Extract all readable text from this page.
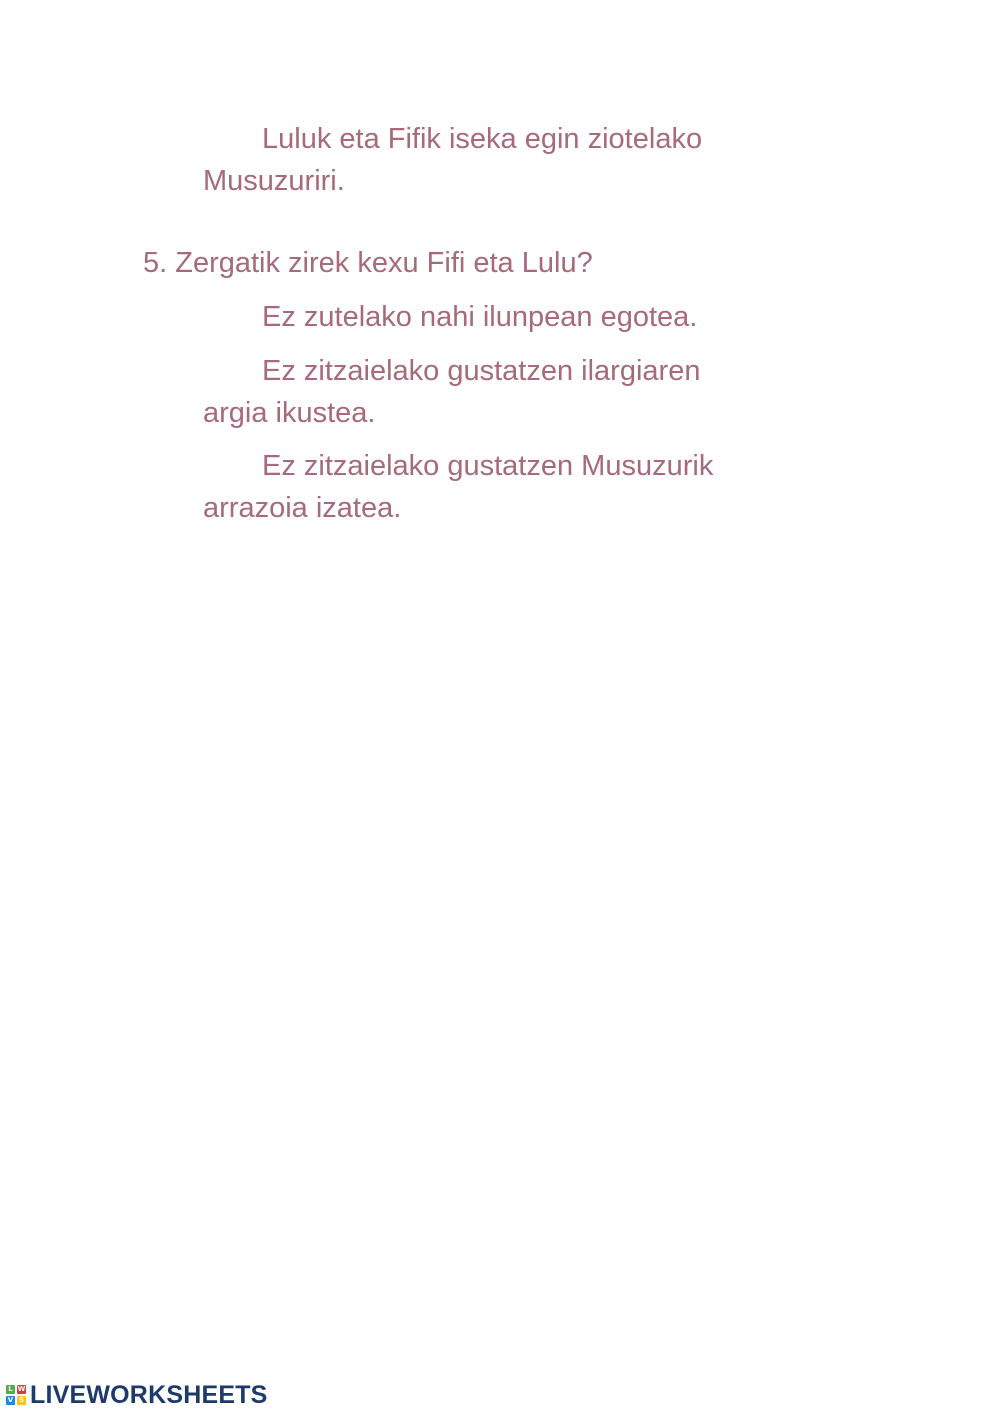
Luluk eta Fifik iseka egin ziotelako

Musuzuriri.

5. Zergatik zirek kexu Fifi eta Lulu?

Ez zutelako nahi ilunpean egotea.

Ez zitzaielako gustatzen ilargiaren

argia ikustea.

Ez zitzaielako gustatzen Musuzurik

arrazoia izatea.

L W
V S LIVEWORKSHEETS
